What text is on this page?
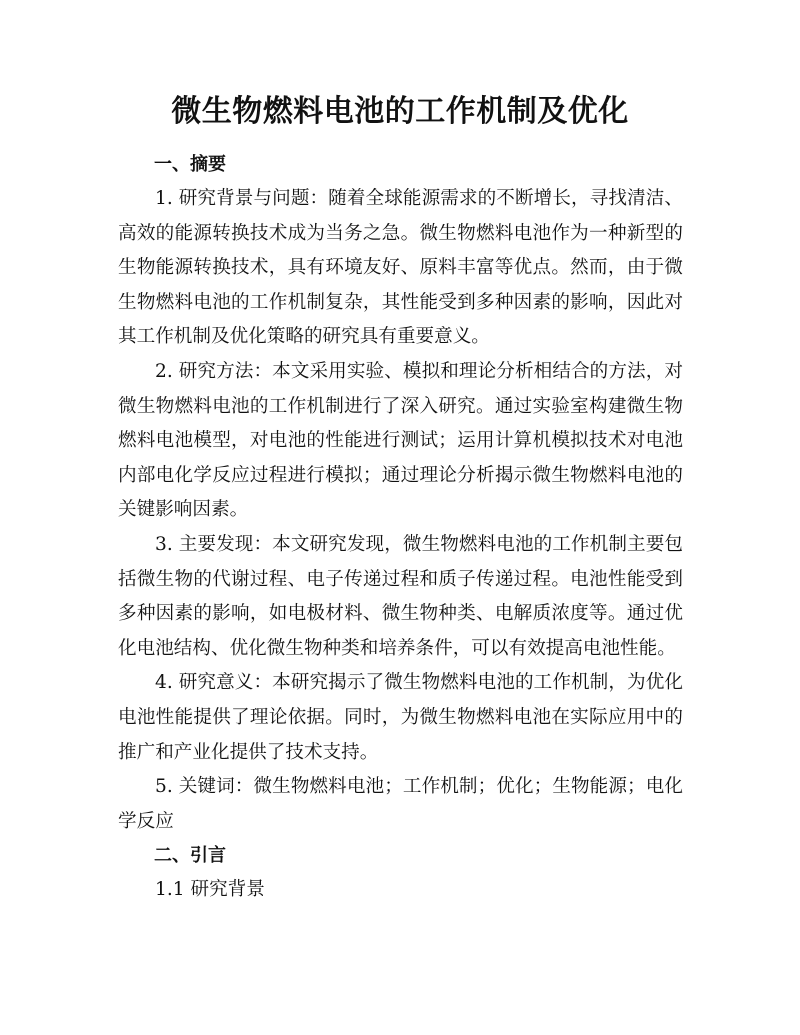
微生物燃料电池的工作机制及优化
一、摘要

1. 研究背景与问题：随着全球能源需求的不断增长，寻找清洁、高效的能源转换技术成为当务之急。微生物燃料电池作为一种新型的生物能源转换技术，具有环境友好、原料丰富等优点。然而，由于微生物燃料电池的工作机制复杂，其性能受到多种因素的影响，因此对其工作机制及优化策略的研究具有重要意义。

2. 研究方法：本文采用实验、模拟和理论分析相结合的方法，对微生物燃料电池的工作机制进行了深入研究。通过实验室构建微生物燃料电池模型，对电池的性能进行测试；运用计算机模拟技术对电池内部电化学反应过程进行模拟；通过理论分析揭示微生物燃料电池的关键影响因素。

3. 主要发现：本文研究发现，微生物燃料电池的工作机制主要包括微生物的代谢过程、电子传递过程和质子传递过程。电池性能受到多种因素的影响，如电极材料、微生物种类、电解质浓度等。通过优化电池结构、优化微生物种类和培养条件，可以有效提高电池性能。

4. 研究意义：本研究揭示了微生物燃料电池的工作机制，为优化电池性能提供了理论依据。同时，为微生物燃料电池在实际应用中的推广和产业化提供了技术支持。

5. 关键词：微生物燃料电池；工作机制；优化；生物能源；电化学反应

二、引言

1.1 研究背景
